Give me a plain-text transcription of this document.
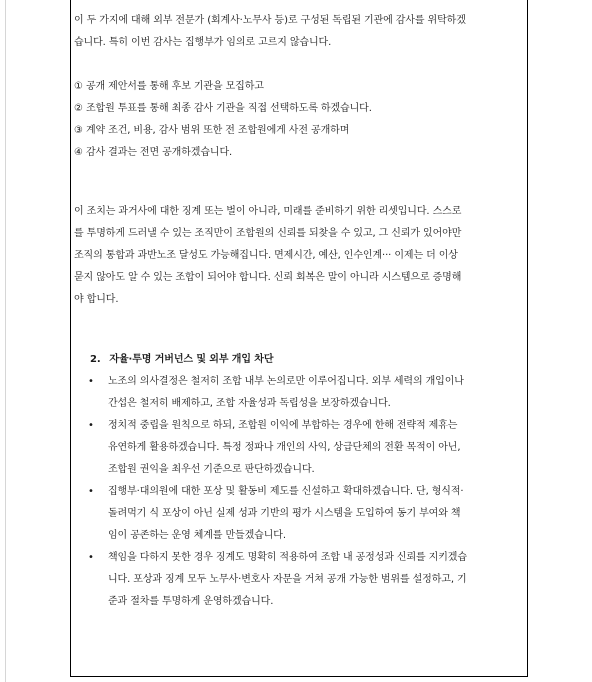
이 두 가지에 대해 외부 전문가 (회계사·노무사 등)로 구성된 독립된 기관에 감사를 위탁하겠
습니다. 특히 이번 감사는 집행부가 임의로 고르지 않습니다.
① 공개 제안서를 통해 후보 기관을 모집하고
② 조합원 투표를 통해 최종 감사 기관을 직접 선택하도록 하겠습니다.
③ 계약 조건, 비용, 감사 범위 또한 전 조합원에게 사전 공개하며
④ 감사 결과는 전면 공개하겠습니다.
이 조치는 과거사에 대한 징계 또는 벌이 아니라, 미래를 준비하기 위한 리셋입니다. 스스로
를 투명하게 드러낼 수 있는 조직만이 조합원의 신뢰를 되찾을 수 있고, 그 신뢰가 있어야만
조직의 통합과 과반노조 달성도 가능해집니다. 면제시간, 예산, 인수인계··· 이제는 더 이상
묻지 않아도 알 수 있는 조합이 되어야 합니다. 신뢰 회복은 말이 아니라 시스템으로 증명해
야 합니다.
2. 자율·투명 거버넌스 및 외부 개입 차단
• 노조의 의사결정은 철저히 조합 내부 논의로만 이루어집니다. 외부 세력의 개입이나
간섭은 철저히 배제하고, 조합 자율성과 독립성을 보장하겠습니다.
• 정치적 중립을 원칙으로 하되, 조합원 이익에 부합하는 경우에 한해 전략적 제휴는
유연하게 활용하겠습니다. 특정 정파나 개인의 사익, 상급단체의 전환 목적이 아닌,
조합원 권익을 최우선 기준으로 판단하겠습니다.
• 집행부·대의원에 대한 포상 및 활동비 제도를 신설하고 확대하겠습니다. 단, 형식적·
돌려먹기 식 포상이 아닌 실제 성과 기반의 평가 시스템을 도입하여 동기 부여와 책
임이 공존하는 운영 체계를 만들겠습니다.
• 책임을 다하지 못한 경우 징계도 명확히 적용하여 조합 내 공정성과 신뢰를 지키겠습
니다. 포상과 징계 모두 노무사·변호사 자문을 거쳐 공개 가능한 범위를 설정하고, 기
준과 절차를 투명하게 운영하겠습니다.
